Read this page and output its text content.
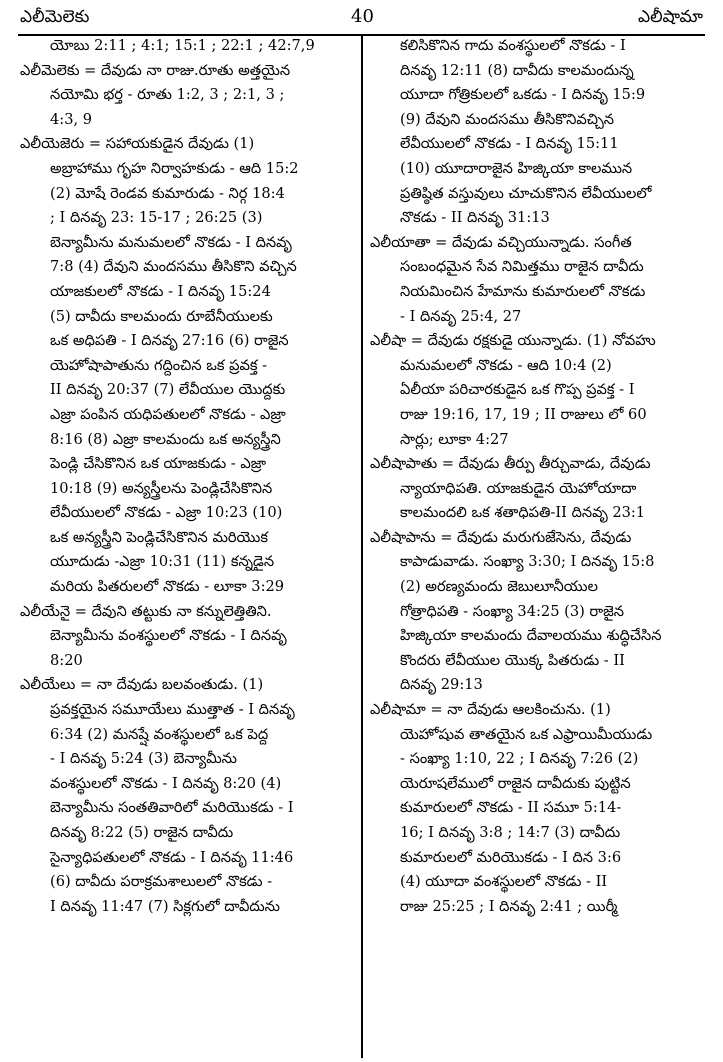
ఎలీమెలెకు	40	ఎలీషామా
యోబు 2:11 ; 4:1; 15:1 ; 22:1 ; 42:7,9
ఎలీమెలెకు = దేవుడు నా రాజు.రూతు అత్తయైన
నయోమి భర్త - రూతు 1:2, 3 ; 2:1, 3 ;
4:3, 9
ఎలీయెజెరు = సహాయకుడైన దేవుడు (1)
అబ్రాహాము గృహ నిర్వాహకుడు - ఆది 15:2
(2) మోషే రెండవ కుమారుడు - నిర్గ 18:4
; I దినవృ 23: 15-17 ; 26:25 (3)
బెన్యామీను మనుమలలో నొకడు - I దినవృ
7:8 (4) దేవుని మందసము తీసికొని వచ్చిన
యాజకులలో నొకడు - I దినవృ 15:24
(5) దావీదు కాలమందు రూబేనీయులకు
ఒక అధిపతి - I దినవృ 27:16 (6) రాజైన
యెహోషాపాతును గద్దించిన ఒక ప్రవక్త -
II దినవృ 20:37 (7) లేవీయుల యొద్దకు
ఎజ్రా పంపిన యధిపతులలో నొకడు - ఎజ్రా
8:16 (8) ఎజ్రా కాలమందు ఒక అన్యస్త్రీని
పెండ్లి చేసికొనిన ఒక యాజకుడు - ఎజ్రా
10:18 (9) అన్యస్త్రీలను పెండ్లిచేసికొనిన
లేవీయులలో నొకడు - ఎజ్రా 10:23 (10)
ఒక అన్యస్త్రీని పెండ్లిచేసికొనిన మరియొక
యూదుడు -ఎజ్రా 10:31 (11) కన్నడైన
మరియ పితరులలో నొకడు - లూకా 3:29
ఎలీయేనై = దేవుని తట్టుకు నా కన్నులెత్తితిని.
బెన్యామీను వంశస్థులలో నొకడు - I దినవృ
8:20
ఎలీయేలు = నా దేవుడు బలవంతుడు. (1)
ప్రవక్తయైన సమూయేలు ముత్తాత - I దినవృ
6:34 (2) మనష్షే వంశస్థులలో ఒక పెద్ద
- I దినవృ 5:24 (3) బెన్యామీను
వంశస్థులలో నొకడు - I దినవృ 8:20 (4)
బెన్యామీను సంతతివారిలో మరియొకడు - I
దినవృ 8:22 (5) రాజైన దావీదు
సైన్యాధిపతులలో నొకడు - I దినవృ 11:46
(6) దావీదు పరాక్రమశాలులలో నొకడు -
I దినవృ 11:47 (7) సిక్లగులో దావీదును
కలిసికొనిన గాదు వంశస్థులలో నొకడు - I
దినవృ 12:11 (8) దావీదు కాలమందున్న
యూదా గోత్రికులలో ఒకడు - I దినవృ 15:9
(9) దేవుని మందసము తీసికొనివచ్చిన
లేవీయులలో నొకడు - I దినవృ 15:11
(10) యూదారాజైన హిజ్కియా కాలమున
ప్రతిష్ఠిత వస్తువులు చూచుకొనిన లేవీయులలో
నొకడు - II దినవృ 31:13
ఎలీయాతా = దేవుడు వచ్చియున్నాడు. సంగీత
సంబంధమైన సేవ నిమిత్తము రాజైన దావీదు
నియమించిన హేమాను కుమారులలో నొకడు
- I దినవృ 25:4, 27
ఎలీషా = దేవుడు రక్షకుడై యున్నాడు. (1) నోవహు
మనుమలలో నొకడు - ఆది 10:4 (2)
ఏలీయా పరిచారకుడైన ఒక గొప్ప ప్రవక్త - I
రాజు 19:16, 17, 19 ; II రాజులు లో 60
సార్లు; లూకా 4:27
ఎలీషాపాతు = దేవుడు తీర్పు తీర్చువాడు, దేవుడు
న్యాయాధిపతి. యాజకుడైన యెహోయాదా
కాలమందలి ఒక శతాధిపతి-II దినవృ 23:1
ఎలీషాపాను = దేవుడు మరుగుజేసెను, దేవుడు
కాపాడువాడు. సంఖ్యా 3:30; I దినవృ 15:8
(2) అరణ్యమందు జెబులూనీయుల
గోత్రాధిపతి - సంఖ్యా 34:25 (3) రాజైన
హిజ్కియా కాలమందు దేవాలయము శుద్ధిచేసిన
కొందరు లేవీయుల యొక్క పితరుడు - II
దినవృ 29:13
ఎలీషామా = నా దేవుడు ఆలకించును. (1)
యెహోషువ తాతయైన ఒక ఎఫ్రాయిమీయుడు
- సంఖ్యా 1:10, 22 ; I దినవృ 7:26 (2)
యెరూషలేములో రాజైన దావీదుకు పుట్టిన
కుమారులలో నొకడు - II సమూ 5:14-
16; I దినవృ 3:8 ; 14:7 (3) దావీదు
కుమారులలో మరియొకడు - I దిన 3:6
(4) యూదా వంశస్థులలో నొకడు - II
రాజు 25:25 ; I దినవృ 2:41 ; యిర్మీ
